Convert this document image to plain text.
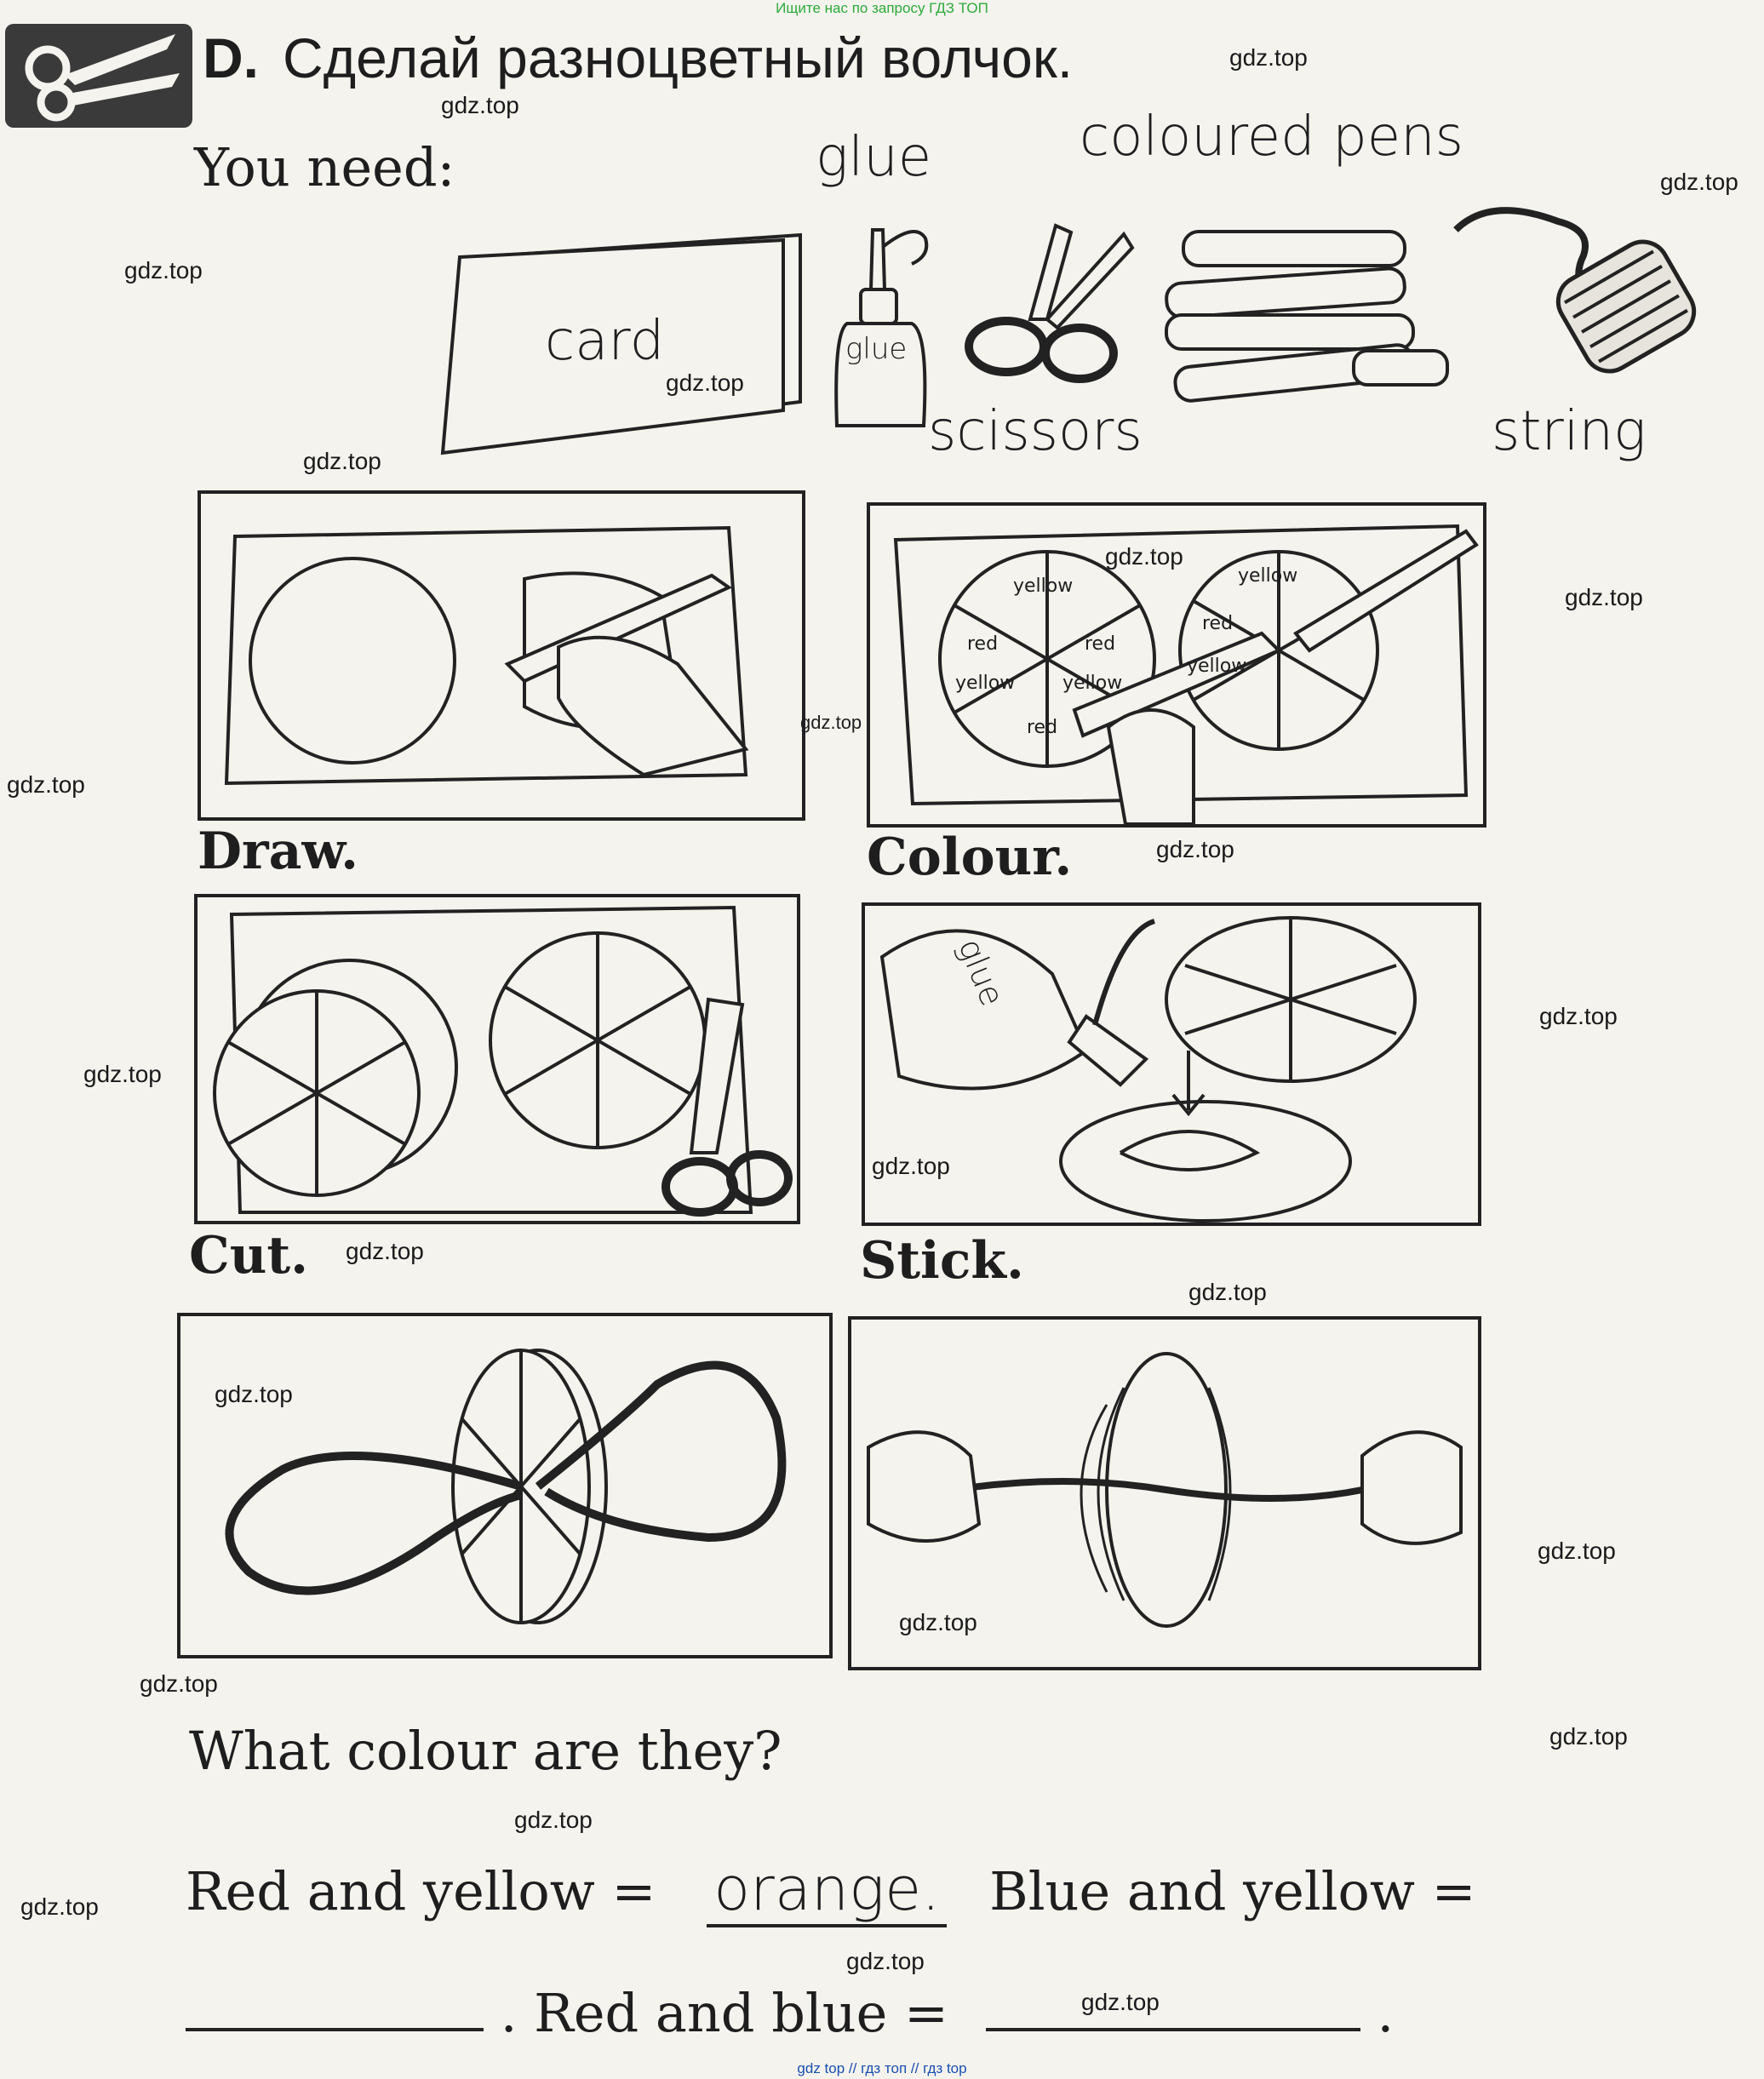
Ищите нас по запросу ГДЗ ТОП
D. Сделай разноцветный волчок.
You need:	glue	coloured pens
card	glue
scissors	string
Draw.
yellow
red	red
yellow	yellow
red
yellow
red
yellow
Colour.
Cut.
glue
Stick.
What colour are they?
Red and yellow = orange. Blue and yellow =
. Red and blue =	.
gdz.top
gdz.top
gdz.top
gdz.top
gdz.top
gdz.top
gdz.top
gdz.top
gdz.top
gdz.top
gdz.top
gdz.top
gdz.top
gdz.top
gdz.top
gdz.top
gdz.top
gdz.top
gdz.top
gdz.top
gdz.top
gdz.top
gdz.top
gdz.top
gdz.top
gdz top // гдз топ // гдз top
